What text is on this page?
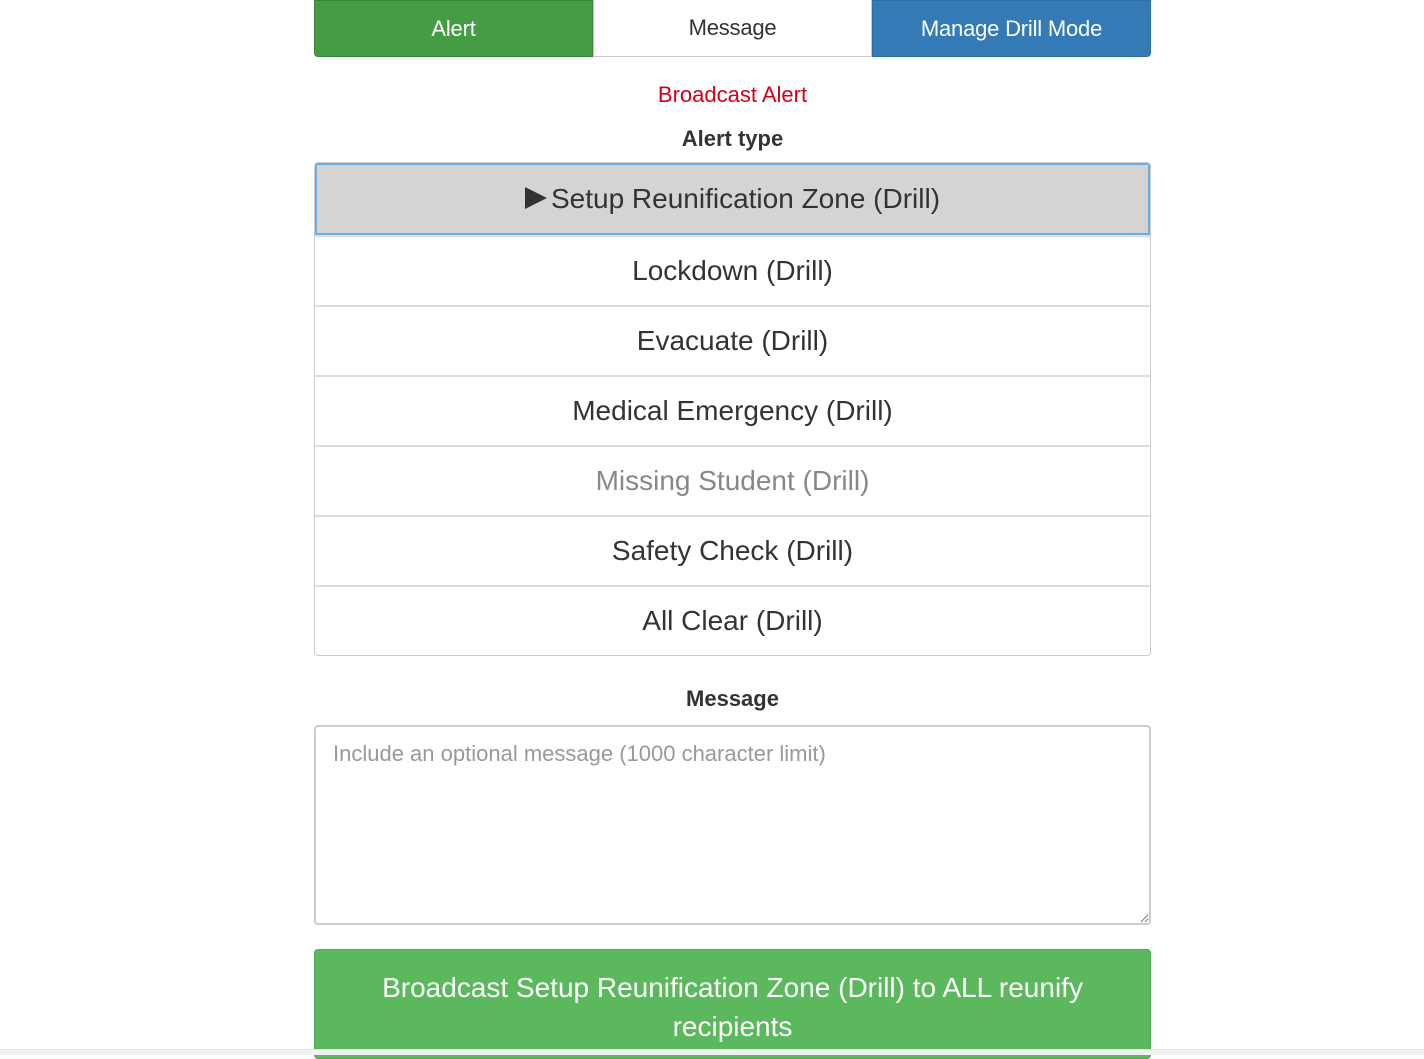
Alert	Message	Manage Drill Mode
Broadcast Alert
Alert type
Setup Reunification Zone (Drill)
Lockdown (Drill)
Evacuate (Drill)
Medical Emergency (Drill)
Missing Student (Drill)
Safety Check (Drill)
All Clear (Drill)
Message
Include an optional message (1000 character limit)
Broadcast Setup Reunification Zone (Drill) to ALL reunify recipients
